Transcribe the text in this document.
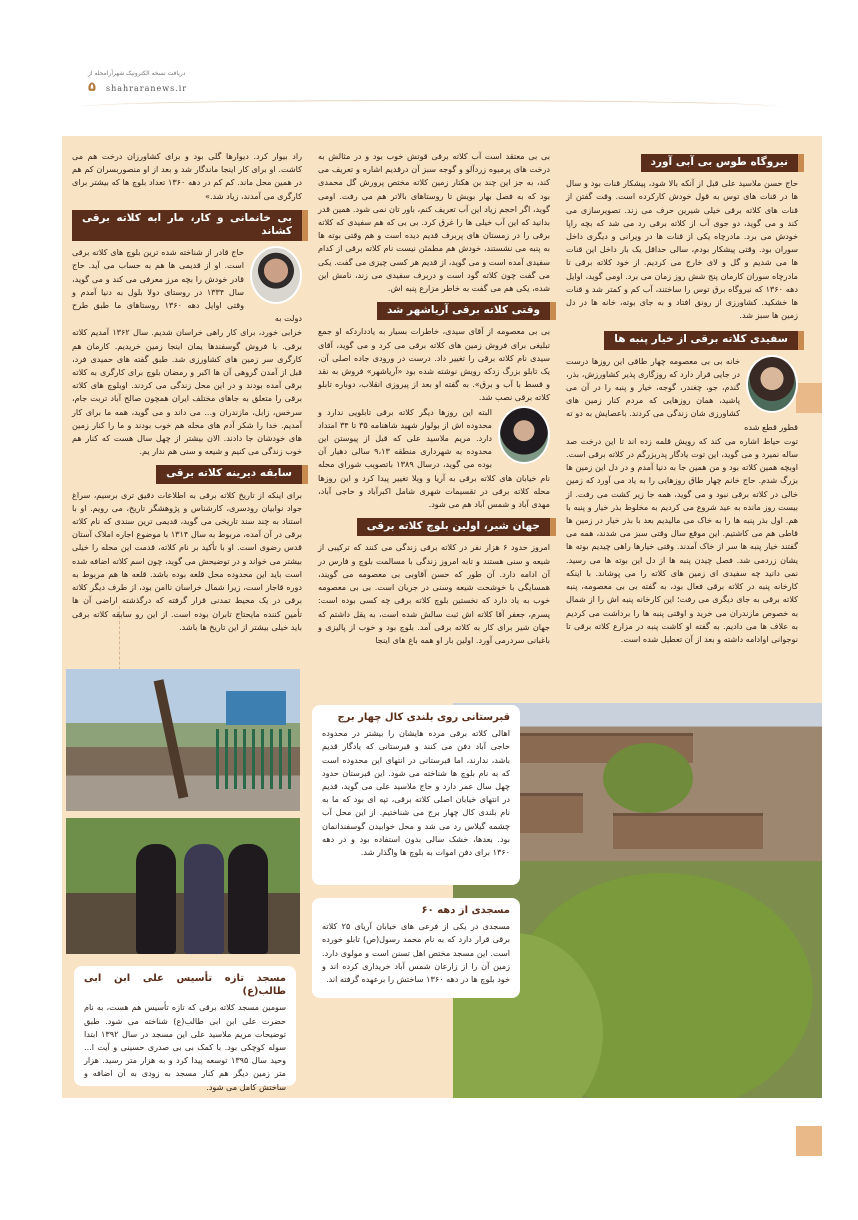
دریافت نسخه الکترونیک شهرآرامحله از
۵ shahraranews.ir
نیروگاه طوس بی آبی آورد

حاج حسن ملاسید علی قبل از آنکه بالا شود، پیشکار قنات بود و سال ها در قنات های توس به قول خودش کارکرده است. وقت گفتن از قنات های کلاته برقی خیلی شیرین حرف می زند. تصویرسازی می کند و می گوید، دو جوی آب از کلاته برقی رد می شد که بچه راپا خودش می برد. مادرچاه یکی از قنات ها در ویرانی و دیگری داخل سوران بود. وقتی پیشکار بودم، سالی حداقل یک بار داخل این قنات ها می شدیم و گل و لای خارج می کردیم. از خود کلاته برقی تا مادرچاه سوران کارمان پنج شش روز زمان می برد. اومی گوید، اوایل دهه ۱۳۶۰ که نیروگاه برق توس را ساختند، آب کم و کمتر شد و قنات ها خشکید. کشاورزی از رونق افتاد و به جای بوته، خانه ها در دل زمین ها سبز شد.

سفیدی کلاته برقی از خیار پنبه ها

خانه بی بی معصومه چهار طاقی این روزها درست در جایی قرار دارد که روزگاری پذیر کشاورزش، بذر، گندم، جو، چغندر، گوجه، خیار و پنبه را در آن می پاشید، همان روزهایی که مردم کنار زمین های کشاورزی شان زندگی می کردند. باعصایش به دو ته قطور قطع شده

توت حیاط اشاره می کند که رویش قلمه زده اند تا این درخت صد ساله نمیرد و می گوید، این توت یادگار پدربزرگم در کلاته برقی است. اوبچه همین کلاته بود و من همین جا به دنیا آمدم و در دل این زمین ها بزرگ شدم. حاج خانم چهار طاق روزهایی را به یاد می آورد که زمین خالی در کلاته برقی نبود و می گوید، همه جا زیر کشت می رفت. از بیست روز مانده به عید شروع می کردیم به مخلوط بذر خیار و پنبه با هم. اول بذر پنبه ها را به خاک می مالیدیم بعد با بذر خیار در زمین ها قاطی هم می کاشتیم. این موقع سال وقتی سبز می شدند، همه می گفتند خیار پنبه ها سر از خاک آمدند. وقتی خیارها راهی چیدیم بوته ها یشان زردمی شد. فصل چیدن پنبه ها از دل این بوته ها می رسید. نمی دانید چه سفیدی ای زمین های کلاته را می پوشاند. با اینکه کارخانه پنبه در کلاته برقی فعال بود، به گفته بی بی معصومه، پنبه کلاته برقی به جای دیگری می رفت؛ این کارخانه پنبه اش را از شمال به خصوص مازندران می خرید و اوقتی پنبه ها را برداشت می کردیم به علاف ها می دادیم. به گفته او کاشت پنبه در مزارع کلاته برقی تا نوجوانی اوادامه داشته و بعد از آن تعطیل شده است.

بی بی معتقد است آب کلاته برقی قوتش خوب بود و در مثالش به درخت های پرمیوه زردآلو و گوجه سبز آن درقدیم اشاره و تعریف می کند، به جز این چند بن هکتار زمین کلاته مختص پرورش گل محمدی بود که به فصل بهار بویش تا روستاهای بالاتر هم می رفت. اومی گوید، اگر احجم زیاد این آب تعریف کنم، باور تان نمی شود. همین قدر بدانید که این آب خیلی ها را غرق کرد. بی بی که هم سفیدی که کلاته برقی را در زمستان های پربرف قدیم دیده است و هم وقتی بوته ها به پنبه می نشستند، خودش هم مطمئن نیست نام کلاته برقی از کدام سفیدی آمده است و می گوید، از قدیم هر کسی چیزی می گفت. یکی می گفت چون کلاته گود است و دربرف سفیدی می زند، نامش این شده، یکی هم می گفت به خاطر مزارع پنبه اش.

وقتی کلاته برقی آریاشهر شد

بی بی معصومه از آقای سیدی، خاطرات بسیار به یادداردکه او جمع تبلیغی برای فروش زمین های کلاته برقی می کرد و می گوید، آقای سیدی نام کلاته برقی را تغییر داد. درست در ورودی جاده اصلی آن، یک تابلو بزرگ زدکه رویش نوشته شده بود «آریاشهر» فروش به نقد و قسط با آب و برق». به گفته او بعد از پیروزی انقلاب، دوباره تابلو کلاته برقی نصب شد.

البته این روزها دیگر کلاته برقی تابلویی ندارد و محدوده اش از بولوار شهید شاهنامه ۳۵ تا ۳۴ امتداد دارد. مریم ملاسید علی که قبل از پیوستن این محدوده به شهرداری منطقه ۹،۱۳ سالی دهیار آن بوده می گوید، درسال ۱۳۸۹ باتصویب شورای محله نام خیابان های کلاته برقی به آریا و ویلا تغییر پیدا کرد و این روزها محله کلاته برقی در تقسیمات شهری شامل اکبرآباد و حاجی آباد، مهدی آباد و شمس آباد هم می شود.

جهان شیر، اولین بلوچ کلاته برقی

امروز حدود ۶ هزار نفر در کلاته برقی زندگی می کنند که ترکیبی از شیعه و سنی هستند و تابه امروز زندگی با مسالمت بلوچ و فارس در آن ادامه دارد. آن طور که حسن آقاوبی بی معصومه می گویند، همسایگی با خوشحت شیعه وسنی در جریان است. بی بی معصومه خوب به یاد دارد که نخستین بلوچ کلاته برقی چه کسی بوده است: پسرم، جعفر آقا کلاته اش ثبت سالش شده است، به یقل داشتم که جهان شیر برای کار به کلاته برقی آمد. بلوچ بود و خوب از پالیزی و باغبانی سردرمی آورد. اولین بار او همه باغ های اینجا

راد بیوار کرد. دیوارها گلی بود و برای کشاورزان درخت هم می کاشت. او برای کار اینجا ماندگار شد و بعد از او منصوربسران کم هم در همین محل ماند. کم کم در دهه ۱۳۶۰ تعداد بلوچ ها که بیشتر برای کارگری می آمدند، زیاد شد.»

بی خانمانی و کار، مار ابه کلاته برقی کشاند

حاج قادر از شناخته شده ترین بلوچ های کلاته برقی است. او از قدیمی ها هم به حساب می آید. حاج قادر خودش را بچه مرز معرفی می کند و می گوید، سال ۱۳۳۴ در روستای دولا بلول به دنیا آمدم و وقتی اوایل دهه ۱۳۶۰ روستاهای ما طبق طرح دولت به

خرابی خورد، برای کار راهی خراسان شدیم. سال ۱۳۶۲ آمدیم کلاته برقی. با فروش گوسفندها یمان اینجا زمین خریدیم. کارمان هم کارگری سر زمین های کشاورزی شد. طبق گفته های حمیدی فرد، قبل از آمدن گروهی آن ها اکبر و رمضان بلوچ برای کارگری به کلاته برقی آمده بودند و در این محل زندگی می کردند. اوبلوچ های کلاته برقی را متعلق به جاهای مختلف ایران همچون صالح آباد تربت جام، سرخس، زابل، مازندران و... می داند و می گوید، همه ما برای کار آمدیم. خدا را شکر آدم های محله هم خوب بودند و ما را کنار زمین های خودشان جا دادند. الان بیشتر از چهل سال هست که کنار هم خوب زندگی می کنیم و شیعه و سنی هم ندار یم.

سابقه دیرینه کلاته برقی

برای اینکه از تاریخ کلاته برقی به اطلاعات دقیق تری برسیم، سراغ جواد نوابیان رودسری، کارشناس و پژوهشگر تاریخ، می رویم. او با استناد به چند سند تاریخی می گوید، قدیمی ترین سندی که نام کلاته برقی در آن آمده، مربوط به سال ۱۳۱۴ با موضوع اجاره املاک آستان قدس رضوی است. او با تأکید بر نام کلاته، قدمت این محله را خیلی بیشتر می خواند و در توضیحش می گوید، چون اسم کلاته اضافه شده است باید این محدوده محل قلعه بوده باشد. قلعه ها هم مربوط به دوره قاجار است، زیرا شمال خراسان ناامن بود، از طرف دیگر کلاته برقی در یک محیط تمدنی قرار گرفته که درگذشته اراضی آن ها تأمین کننده مایحتاج تابران بوده است. از این رو سابقه کلاته برقی باید خیلی بیشتر از این تاریخ ها باشد.

قبرستانی روی بلندی کال چهار برج

اهالی کلاته برقی مرده هایشان را بیشتر در محدوده حاجی آباد دفن می کنند و قبرستانی که یادگار قدیم باشد، ندارند، اما قبرستانی در انتهای این محدوده است که به نام بلوچ ها شناخته می شود. این قبرستان حدود چهل سال عمر دارد و حاج ملاسید علی می گوید، قدیم در انتهای خیابان اصلی کلاته برقی، تپه ای بود که ما به نام بلندی کال چهار برج می شناختیم. از این محل آب چشمه گیلاس رد می شد و محل خوابیدن گوسفندانمان بود. بعدها، خشک سالی بدون استفاده بود و در دهه ۱۳۶۰ برای دفن اموات به بلوچ ها واگذار شد.

مسجدی از دهه ۶۰

مسجدی در یکی از فرعی های خیابان آریای ۲۵ کلاته برقی قرار دارد که به نام محمد رسول(ص) تابلو خورده است. این مسجد مختص اهل تسنن است و مولوی دارد. زمین آن را از زارعان شمس آباد خریداری کرده اند و خود بلوچ ها در دهه ۱۳۶۰ ساختش را برعهده گرفته اند.

مسجد تازه تأسیس علی ابن ابی طالب(ع)

سومین مسجد کلاته برقی که تازه تأسیس هم هست، به نام حضرت علی ابن ابی طالب(ع) شناخته می شود. طبق توضیحات مریم ملاسید علی این مسجد در سال ۱۳۹۲ ابتدا سوله کوچکی بود. با کمک بی بی صدری حسینی و آیت ا... وحید سال ۱۳۹۵ توسعه پیدا کرد و به هزار متر رسید. هزار متر زمین دیگر هم کنار مسجد به زودی به آن اضافه و ساختش کامل می شود.
